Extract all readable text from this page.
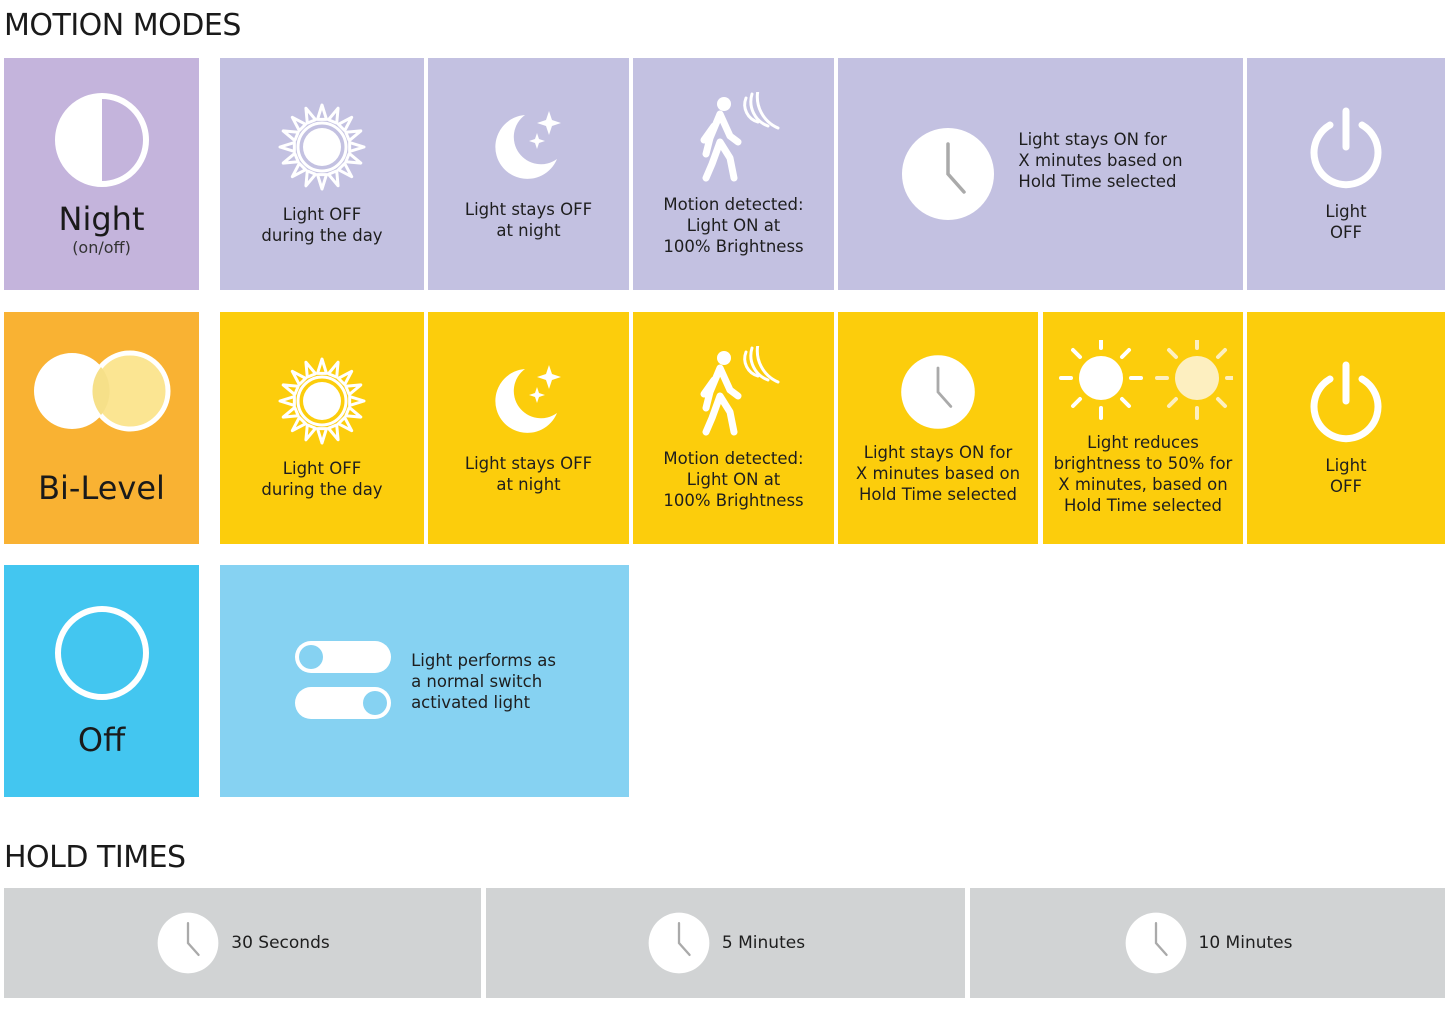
MOTION MODES
HOLD TIMES
Night
(on/off)
Light OFF
during the day
Light stays OFF
at night
Motion detected:
Light ON at
100% Brightness
Light stays ON for
X minutes based on
Hold Time selected
Light
OFF
Bi-Level
Light OFF
during the day
Light stays OFF
at night
Motion detected:
Light ON at
100% Brightness
Light stays ON for
X minutes based on
Hold Time selected
Light reduces
brightness to 50% for
X minutes, based on
Hold Time selected
Light
OFF
Off
Light performs as
a normal switch
activated light
30 Seconds	5 Minutes	10 Minutes
